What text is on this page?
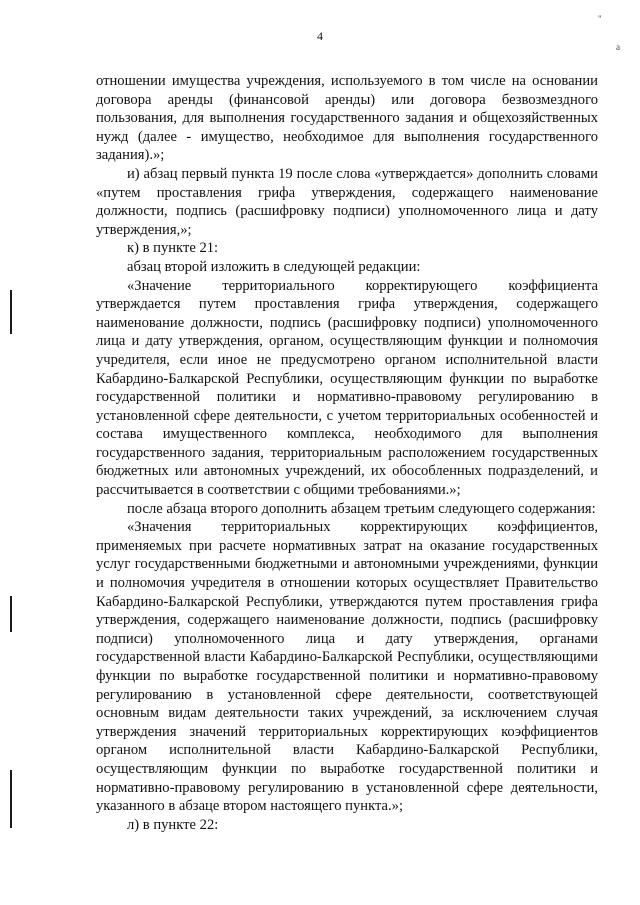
4
"
a

отношении имущества учреждения, используемого в том числе на основании договора аренды (финансовой аренды) или договора безвозмездного пользования, для выполнения государственного задания и общехозяйственных нужд (далее - имущество, необходимое для выполнения государственного задания).»;

и) абзац первый пункта 19 после слова «утверждается» дополнить словами «путем проставления грифа утверждения, содержащего наименование должности, подпись (расшифровку подписи) уполномоченного лица и дату утверждения,»;

к) в пункте 21:

абзац второй изложить в следующей редакции:

«Значение территориального корректирующего коэффициента утверждается путем проставления грифа утверждения, содержащего наименование должности, подпись (расшифровку подписи) уполномоченного лица и дату утверждения, органом, осуществляющим функции и полномочия учредителя, если иное не предусмотрено органом исполнительной власти Кабардино-Балкарской Республики, осуществляющим функции по выработке государственной политики и нормативно-правовому регулированию в установленной сфере деятельности, с учетом территориальных особенностей и состава имущественного комплекса, необходимого для выполнения государственного задания, территориальным расположением государственных бюджетных или автономных учреждений, их обособленных подразделений, и рассчитывается в соответствии с общими требованиями.»;

после абзаца второго дополнить абзацем третьим следующего содержания:

«Значения территориальных корректирующих коэффициентов, применяемых при расчете нормативных затрат на оказание государственных услуг государственными бюджетными и автономными учреждениями, функции и полномочия учредителя в отношении которых осуществляет Правительство Кабардино-Балкарской Республики, утверждаются путем проставления грифа утверждения, содержащего наименование должности, подпись (расшифровку подписи) уполномоченного лица и дату утверждения, органами государственной власти Кабардино-Балкарской Республики, осуществляющими функции по выработке государственной политики и нормативно-правовому регулированию в установленной сфере деятельности, соответствующей основным видам деятельности таких учреждений, за исключением случая утверждения значений территориальных корректирующих коэффициентов органом исполнительной власти Кабардино-Балкарской Республики, осуществляющим функции по выработке государственной политики и нормативно-правовому регулированию в установленной сфере деятельности, указанного в абзаце втором настоящего пункта.»;

л) в пункте 22:
